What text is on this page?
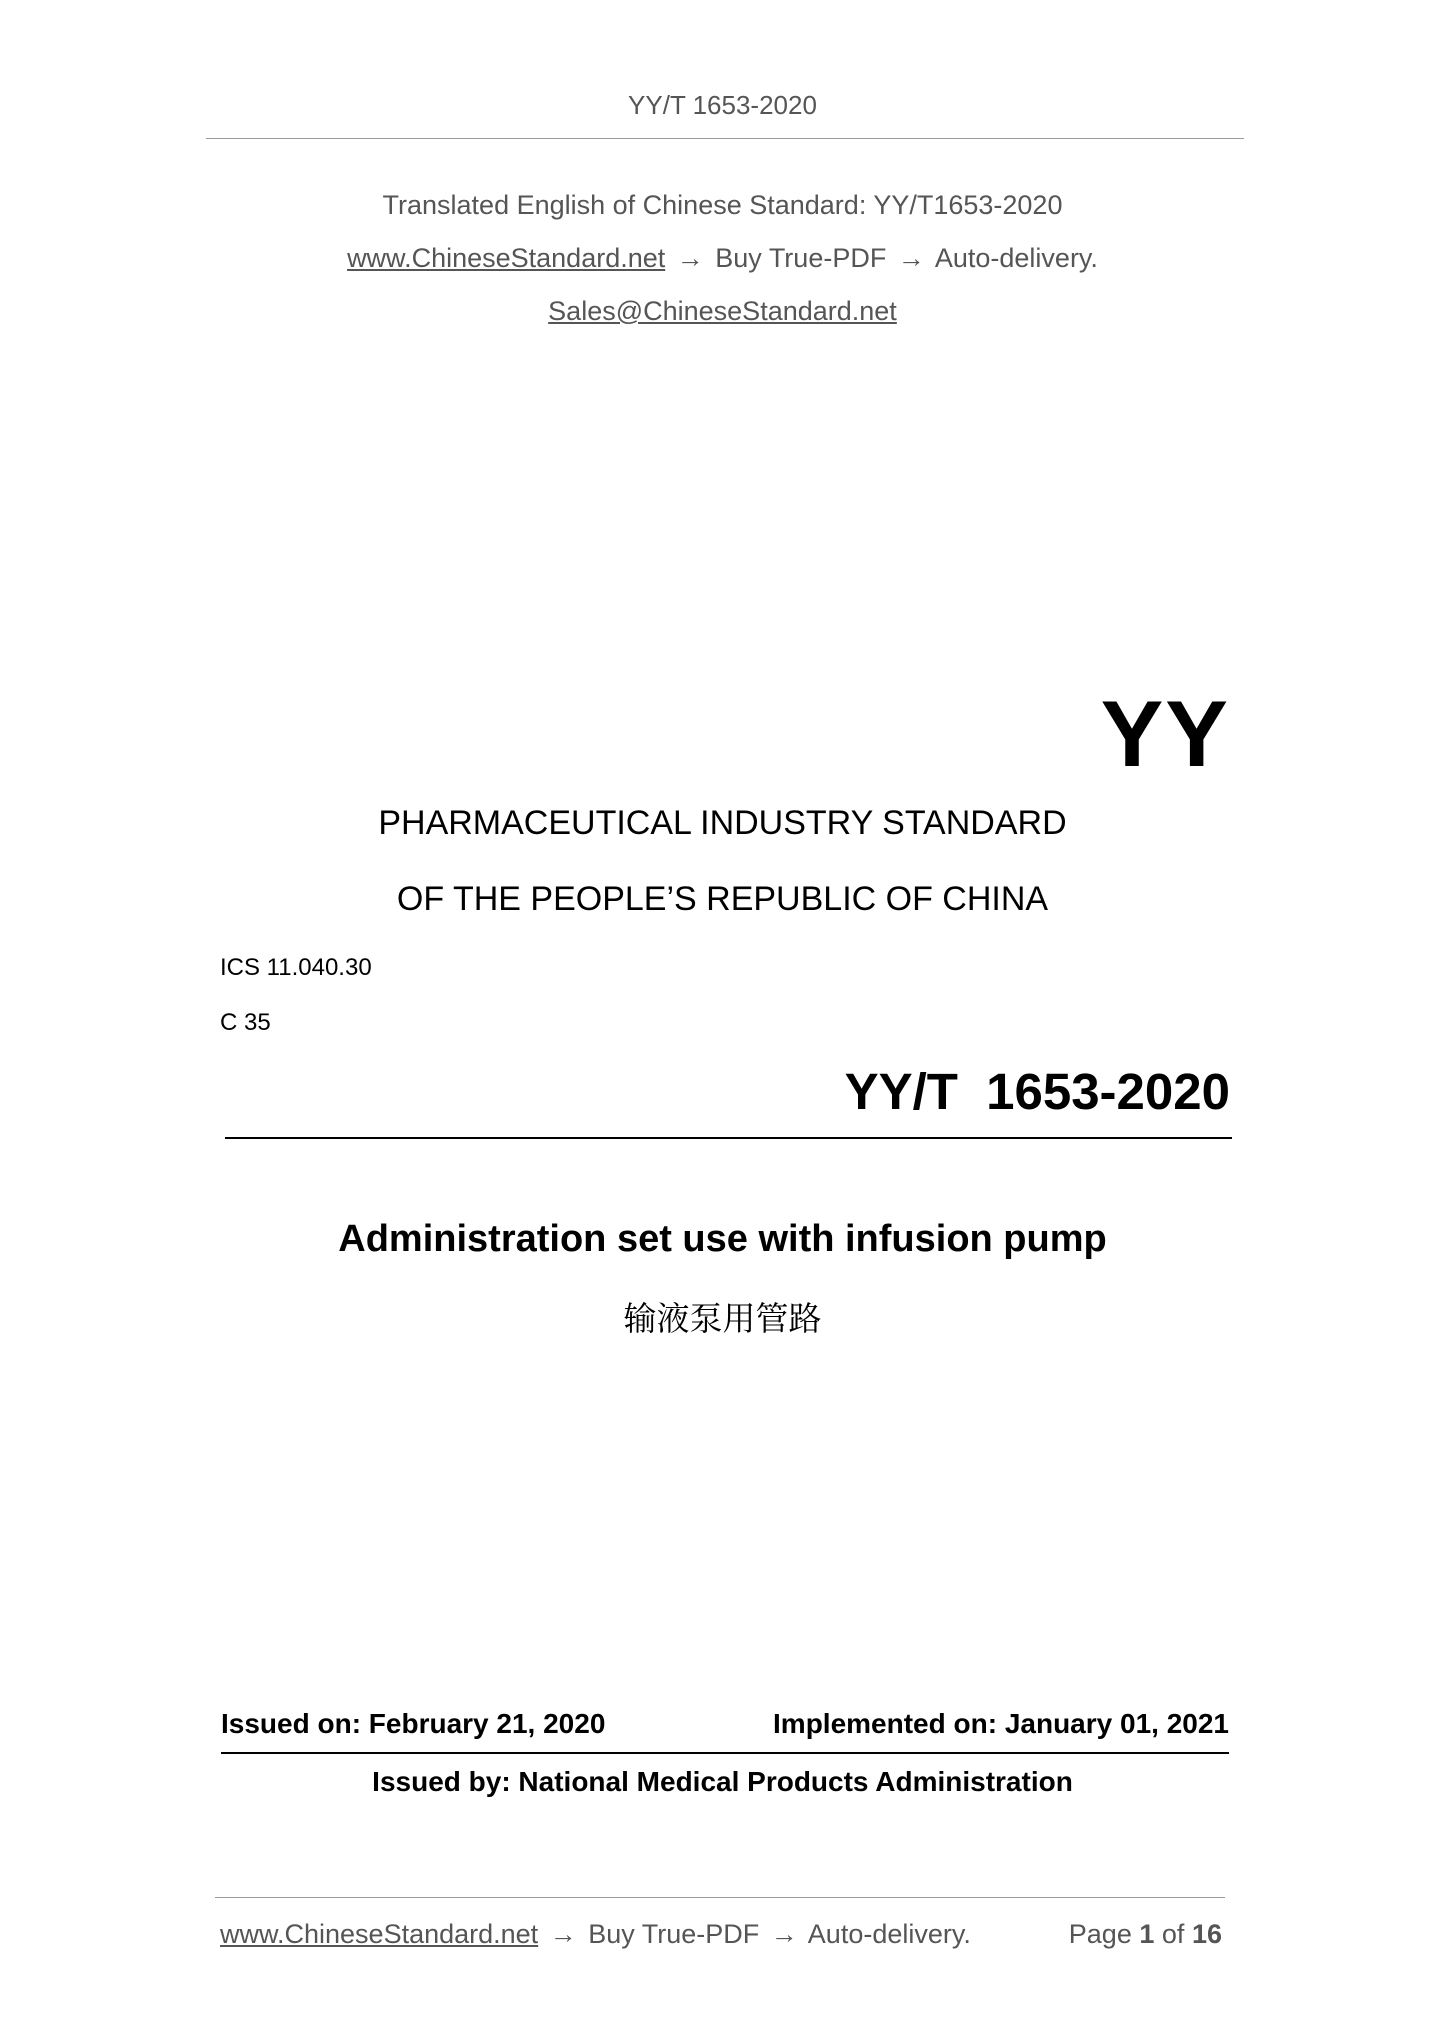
YY/T 1653-2020
Translated English of Chinese Standard: YY/T1653-2020
www.ChineseStandard.net → Buy True-PDF → Auto-delivery.
Sales@ChineseStandard.net
YY
PHARMACEUTICAL INDUSTRY STANDARD
OF THE PEOPLE’S REPUBLIC OF CHINA
ICS 11.040.30
C 35
YY/T 1653-2020
Administration set use with infusion pump
输液泵用管路
Issued on: February 21, 2020	Implemented on: January 01, 2021
Issued by: National Medical Products Administration
www.ChineseStandard.net → Buy True-PDF → Auto-delivery.	Page 1 of 16
